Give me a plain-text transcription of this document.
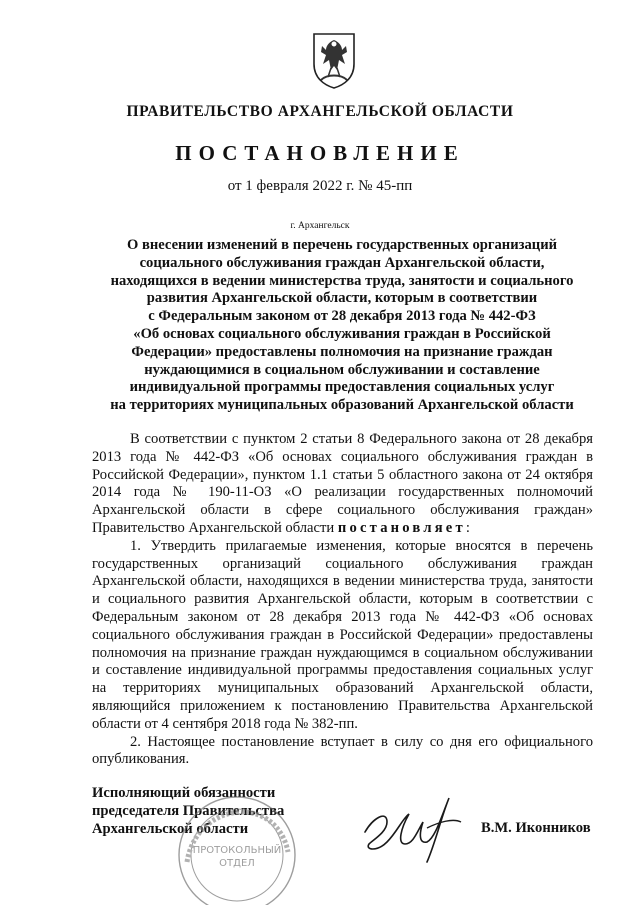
ПРАВИТЕЛЬСТВО АРХАНГЕЛЬСКОЙ ОБЛАСТИ
ПОСТАНОВЛЕНИЕ
от 1 февраля 2022 г. № 45-пп
г. Архангельск
О внесении изменений в перечень государственных организаций
социального обслуживания граждан Архангельской области,
находящихся в ведении министерства труда, занятости и социального
развития Архангельской области, которым в соответствии
с Федеральным законом от 28 декабря 2013 года № 442-ФЗ
«Об основах социального обслуживания граждан в Российской
Федерации» предоставлены полномочия на признание граждан
нуждающимися в социальном обслуживании и составление
индивидуальной программы предоставления социальных услуг
на территориях муниципальных образований Архангельской области

В соответствии с пунктом 2 статьи 8 Федерального закона от 28 декабря 2013 года № 442-ФЗ «Об основах социального обслуживания граждан в Российской Федерации», пунктом 1.1 статьи 5 областного закона от 24 октября 2014 года № 190-11-ОЗ «О реализации государственных полномочий Архангельской области в сфере социального обслуживания граждан» Правительство Архангельской области постановляет:

1. Утвердить прилагаемые изменения, которые вносятся в перечень государственных организаций социального обслуживания граждан Архангельской области, находящихся в ведении министерства труда, занятости и социального развития Архангельской области, которым в соответствии с Федеральным законом от 28 декабря 2013 года № 442-ФЗ «Об основах социального обслуживания граждан в Российской Федерации» предоставлены полномочия на признание граждан нуждающимся в социальном обслуживании и составление индивидуальной программы предоставления социальных услуг на территориях муниципальных образований Архангельской области, являющийся приложением к постановлению Правительства Архангельской области от 4 сентября 2018 года № 382-пп.

2. Настоящее постановление вступает в силу со дня его официального опубликования.

Исполняющий обязанности
председателя Правительства
Архангельской области
ПРОТОКОЛЬНЫЙ
ОТДЕЛ
В.М. Иконников
